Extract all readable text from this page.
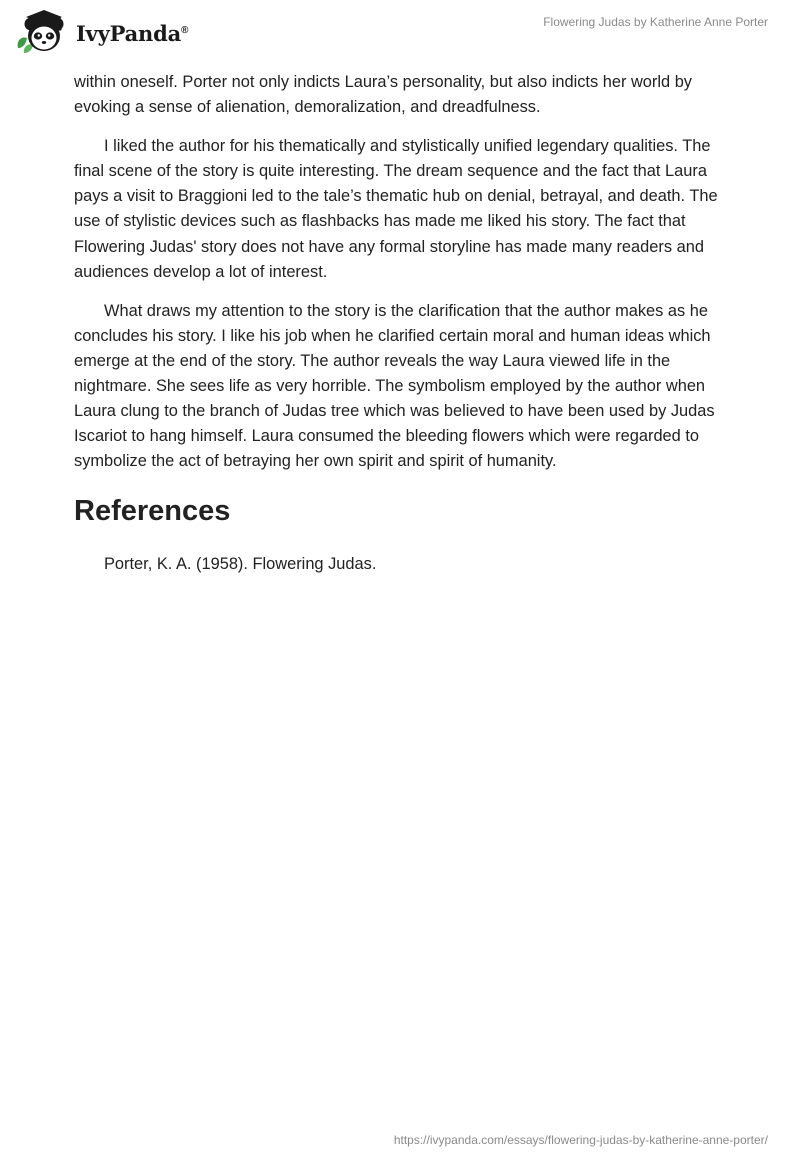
IvyPanda®
Flowering Judas by Katherine Anne Porter

within oneself. Porter not only indicts Laura’s personality, but also indicts her world by evoking a sense of alienation, demoralization, and dreadfulness.

I liked the author for his thematically and stylistically unified legendary qualities. The final scene of the story is quite interesting. The dream sequence and the fact that Laura pays a visit to Braggioni led to the tale’s thematic hub on denial, betrayal, and death. The use of stylistic devices such as flashbacks has made me liked his story. The fact that Flowering Judas' story does not have any formal storyline has made many readers and audiences develop a lot of interest.

What draws my attention to the story is the clarification that the author makes as he concludes his story. I like his job when he clarified certain moral and human ideas which emerge at the end of the story. The author reveals the way Laura viewed life in the nightmare. She sees life as very horrible. The symbolism employed by the author when Laura clung to the branch of Judas tree which was believed to have been used by Judas Iscariot to hang himself. Laura consumed the bleeding flowers which were regarded to symbolize the act of betraying her own spirit and spirit of humanity.

References

Porter, K. A. (1958). Flowering Judas.

https://ivypanda.com/essays/flowering-judas-by-katherine-anne-porter/
